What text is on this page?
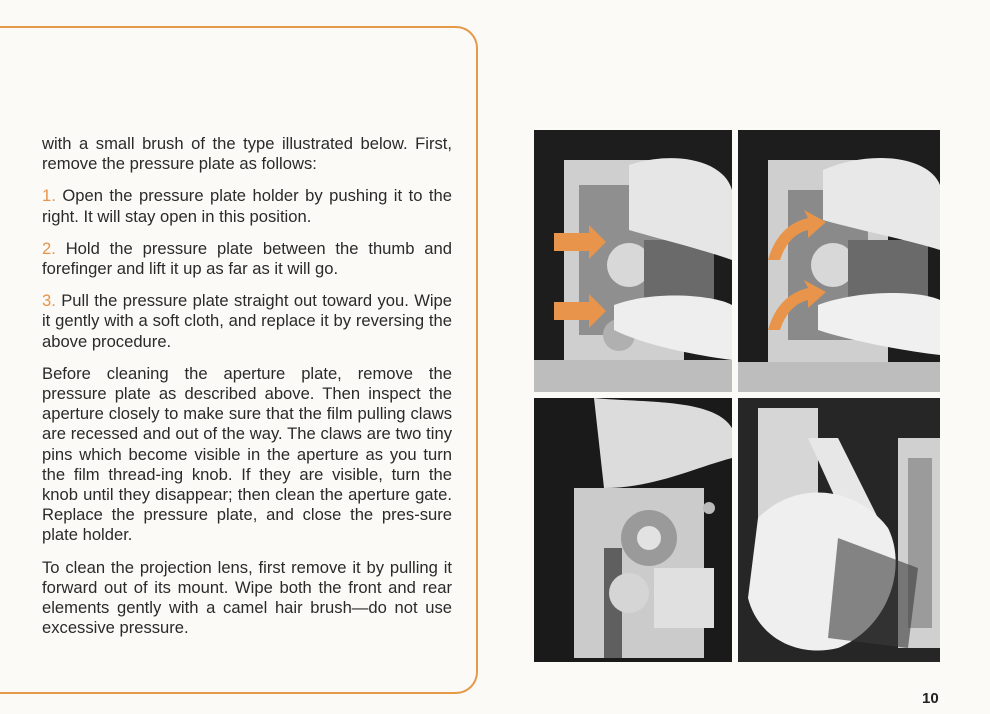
with a small brush of the type illustrated below. First, remove the pressure plate as follows:

1. Open the pressure plate holder by pushing it to the right. It will stay open in this position.

2. Hold the pressure plate between the thumb and forefinger and lift it up as far as it will go.

3. Pull the pressure plate straight out toward you. Wipe it gently with a soft cloth, and replace it by reversing the above procedure.

Before cleaning the aperture plate, remove the pressure plate as described above. Then inspect the aperture closely to make sure that the film pulling claws are recessed and out of the way. The claws are two tiny pins which become visible in the aperture as you turn the film thread-ing knob. If they are visible, turn the knob until they disappear; then clean the aperture gate. Replace the pressure plate, and close the pres-sure plate holder.

To clean the projection lens, first remove it by pulling it forward out of its mount. Wipe both the front and rear elements gently with a camel hair brush—do not use excessive pressure.

10
